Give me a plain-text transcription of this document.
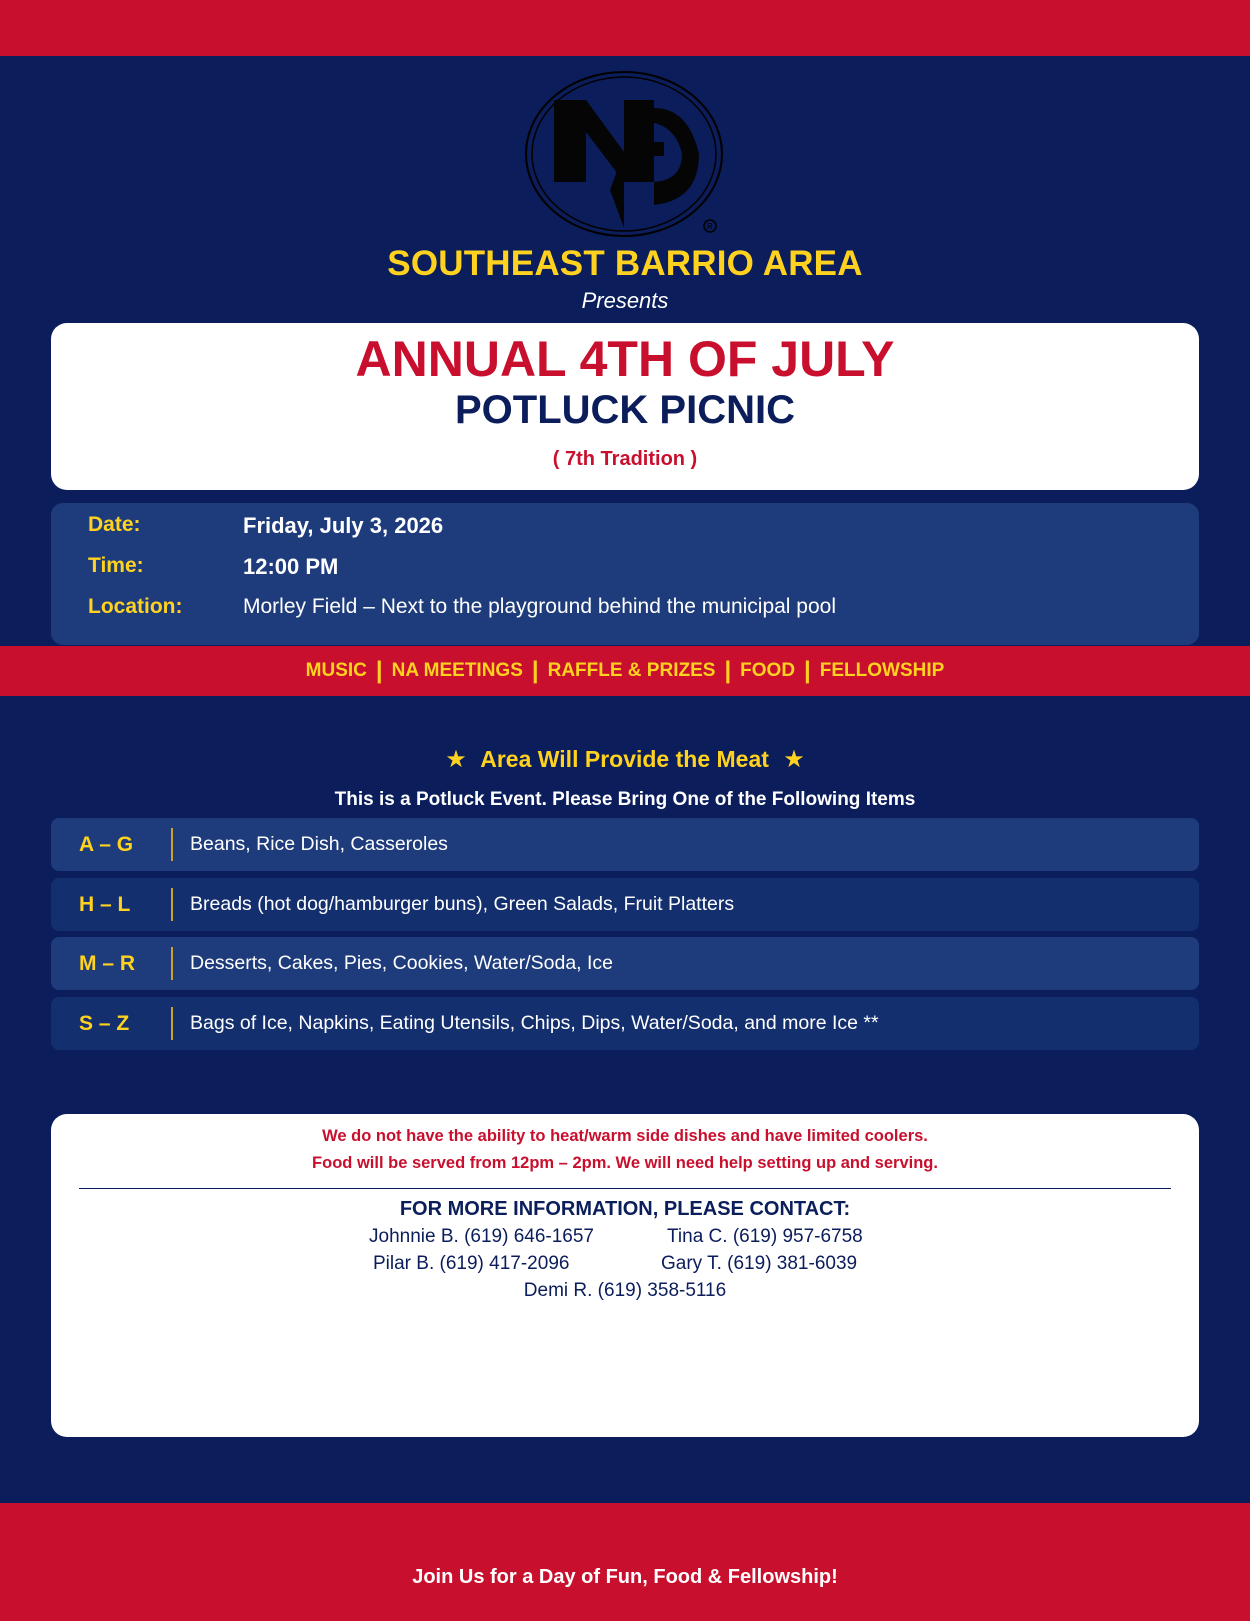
R
SOUTHEAST BARRIO AREA
Presents
ANNUAL 4TH OF JULY
POTLUCK PICNIC
( 7th Tradition )
Date:	Friday, July 3, 2026
Time:	12:00 PM
Location:	Morley Field – Next to the playground behind the municipal pool
MUSIC | NA MEETINGS | RAFFLE & PRIZES | FOOD | FELLOWSHIP
★ Area Will Provide the Meat ★
This is a Potluck Event. Please Bring One of the Following Items
A – G	Beans, Rice Dish, Casseroles
H – L	Breads (hot dog/hamburger buns), Green Salads, Fruit Platters
M – R	Desserts, Cakes, Pies, Cookies, Water/Soda, Ice
S – Z	Bags of Ice, Napkins, Eating Utensils, Chips, Dips, Water/Soda, and more Ice **
We do not have the ability to heat/warm side dishes and have limited coolers.
Food will be served from 12pm – 2pm. We will need help setting up and serving.
FOR MORE INFORMATION, PLEASE CONTACT:
Johnnie B. (619) 646-1657	Tina C. (619) 957-6758
Pilar B. (619) 417-2096	Gary T. (619) 381-6039
Demi R. (619) 358-5116
Join Us for a Day of Fun, Food & Fellowship!
